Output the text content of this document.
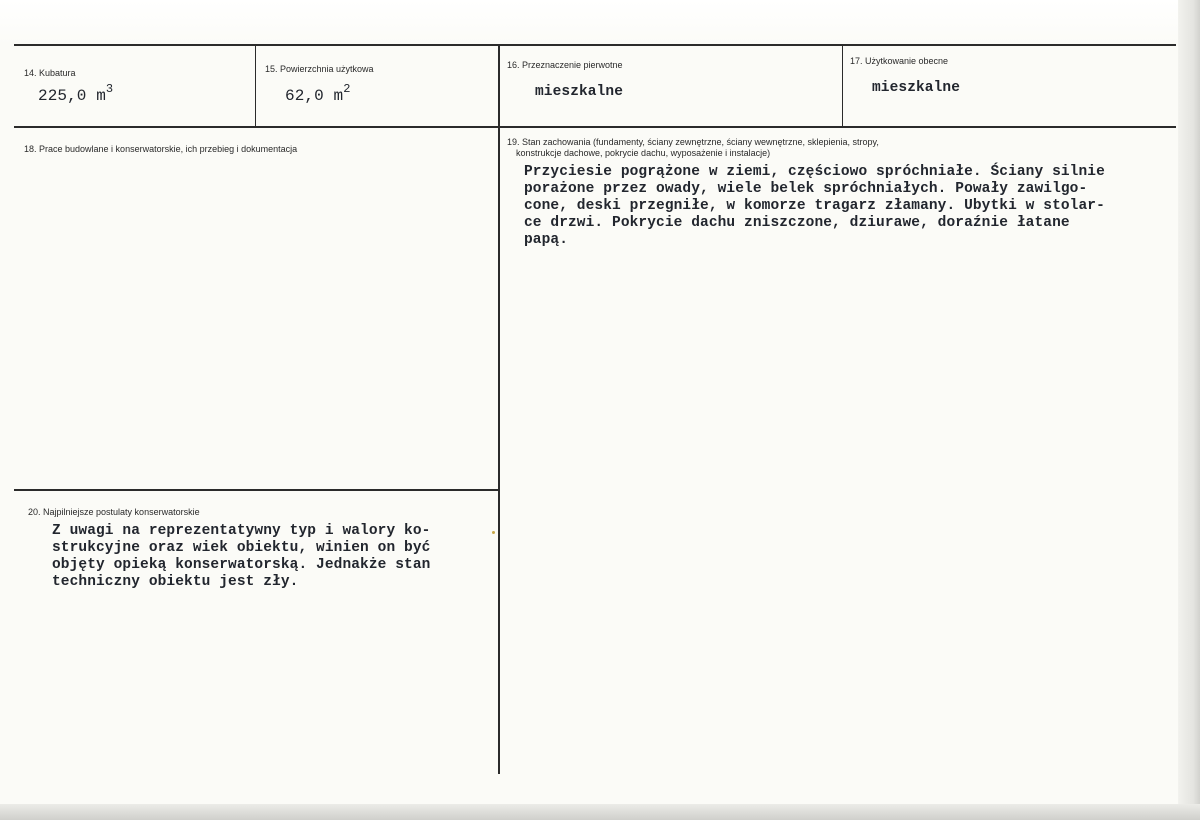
14. Kubatura
225,0 $m^3$
15. Powierzchnia użytkowa
62,0 $m^2$
16. Przeznaczenie pierwotne
mieszkalne
17. Użytkowanie obecne
mieszkalne
18. Prace budowlane i konserwatorskie, ich przebieg i dokumentacja
19. Stan zachowania (fundamenty, ściany zewnętrzne, ściany wewnętrzne, sklepienia, stropy,
konstrukcje dachowe, pokrycie dachu, wyposażenie i instalacje)
Przyciesie pogrążone w ziemi, częściowo spróchniałe. Ściany silnie
porażone przez owady, wiele belek spróchniałych. Powały zawilgo-
cone, deski przegniłe, w komorze tragarz złamany. Ubytki w stolar-
ce drzwi. Pokrycie dachu zniszczone, dziurawe, doraźnie łatane
papą.
20. Najpilniejsze postulaty konserwatorskie
Z uwagi na reprezentatywny typ i walory ko-
strukcyjne oraz wiek obiektu, winien on być
objęty opieką konserwatorską. Jednakże stan
techniczny obiektu jest zły.
